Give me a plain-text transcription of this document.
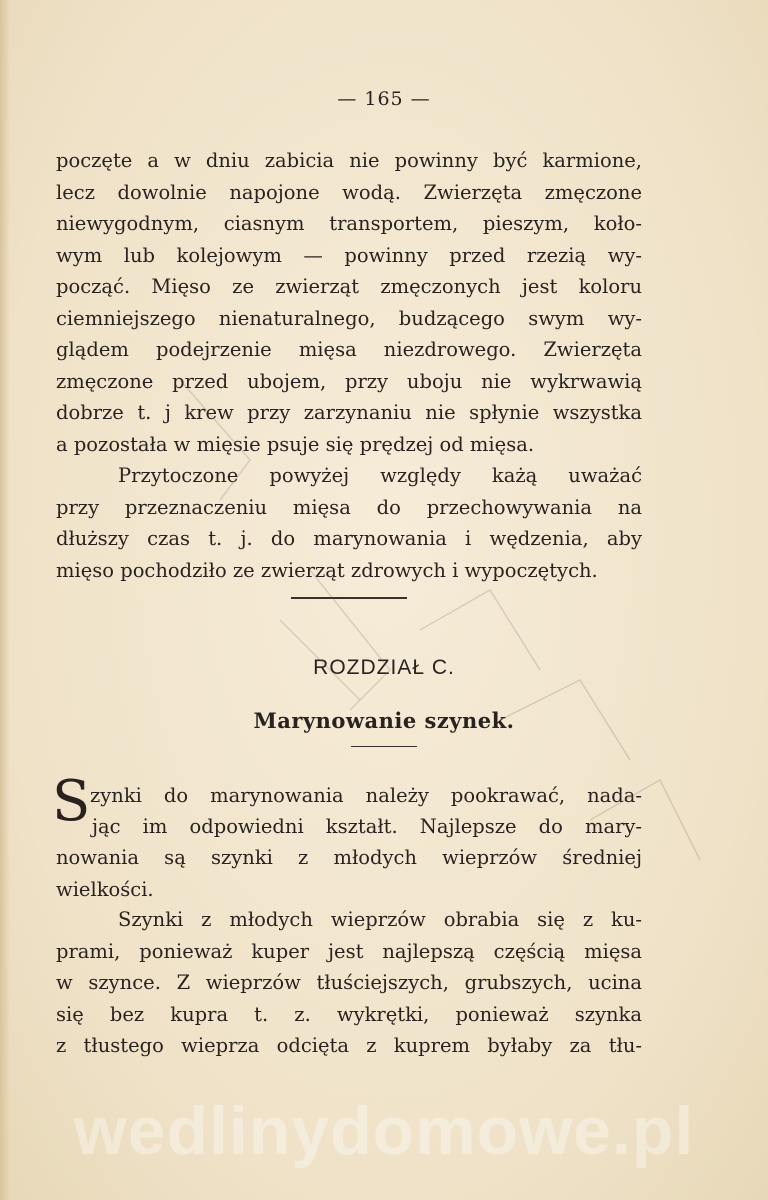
— 165 —
poczęte a w dniu zabicia nie powinny być karmione,
lecz dowolnie napojone wodą. Zwierzęta zmęczone
niewygodnym, ciasnym transportem, pieszym, koło-
wym lub kolejowym — powinny przed rzezią wy-
począć. Mięso ze zwierząt zmęczonych jest koloru
ciemniejszego nienaturalnego, budzącego swym wy-
glądem podejrzenie mięsa niezdrowego. Zwierzęta
zmęczone przed ubojem, przy uboju nie wykrwawią
dobrze t. j krew przy zarzynaniu nie spłynie wszystka
a pozostała w mięsie psuje się prędzej od mięsa.
Przytoczone powyżej względy każą uważać
przy przeznaczeniu mięsa do przechowywania na
dłuższy czas t. j. do marynowania i wędzenia, aby
mięso pochodziło ze zwierząt zdrowych i wypoczętych.
ROZDZIAŁ C.
Marynowanie szynek.
S zynki do marynowania należy pookrawać, nada-
jąc im odpowiedni kształt. Najlepsze do mary-
nowania są szynki z młodych wieprzów średniej
wielkości.
Szynki z młodych wieprzów obrabia się z ku-
prami, ponieważ kuper jest najlepszą częścią mięsa
w szynce. Z wieprzów tłuściejszych, grubszych, ucina
się bez kupra t. z. wykrętki, ponieważ szynka
z tłustego wieprza odcięta z kuprem byłaby za tłu-
wedlinydomowe.pl
